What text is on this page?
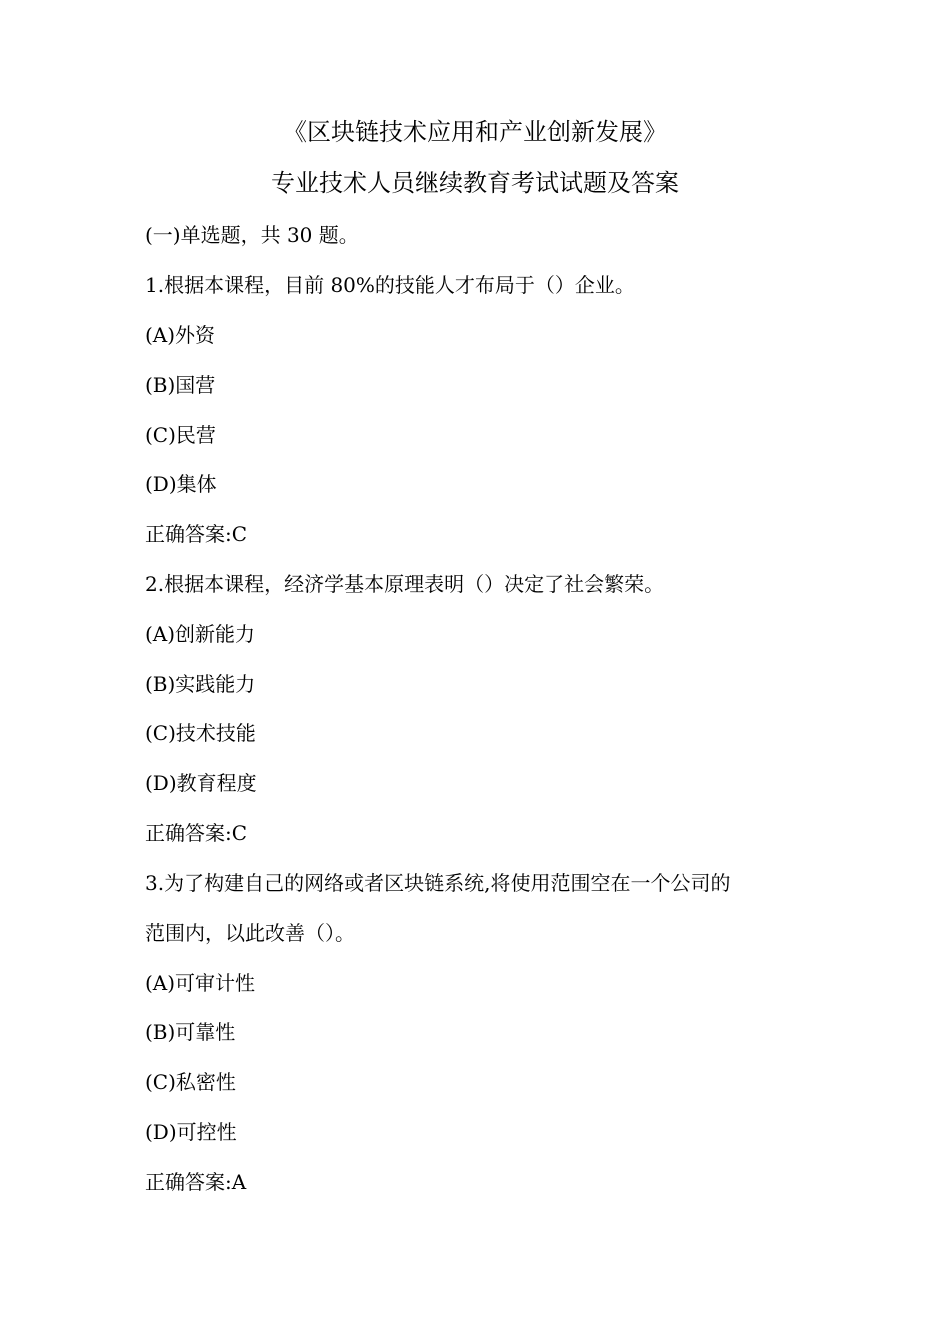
《区块链技术应用和产业创新发展》
专业技术人员继续教育考试试题及答案
(一)单选题，共 30 题。
1.根据本课程，目前 80%的技能人才布局于（）企业。
(A)外资
(B)国营
(C)民营
(D)集体
正确答案:C
2.根据本课程，经济学基本原理表明（）决定了社会繁荣。
(A)创新能力
(B)实践能力
(C)技术技能
(D)教育程度
正确答案:C
3.为了构建自己的网络或者区块链系统,将使用范围空在一个公司的
范围内，以此改善（）。
(A)可审计性
(B)可靠性
(C)私密性
(D)可控性
正确答案:A
